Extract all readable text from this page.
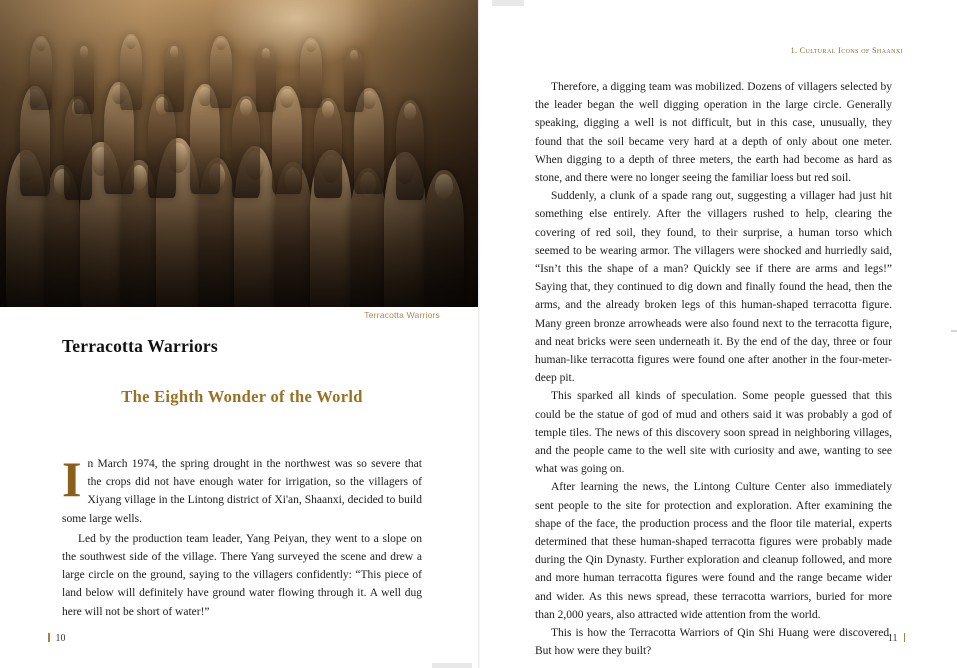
Terracotta Warriors
Terracotta Warriors
The Eighth Wonder of the World

In March 1974, the spring drought in the northwest was so severe that the crops did not have enough water for irrigation, so the villagers of Xiyang village in the Lintong district of Xi'an, Shaanxi, decided to build some large wells.

Led by the production team leader, Yang Peiyan, they went to a slope on the southwest side of the village. There Yang surveyed the scene and drew a large circle on the ground, saying to the villagers confidently: “This piece of land below will definitely have ground water flowing through it. A well dug here will not be short of water!”

10
1. Cultural Icons of Shaanxi

Therefore, a digging team was mobilized. Dozens of villagers selected by the leader began the well digging operation in the large circle. Generally speaking, digging a well is not difficult, but in this case, unusually, they found that the soil became very hard at a depth of only about one meter. When digging to a depth of three meters, the earth had become as hard as stone, and there were no longer seeing the familiar loess but red soil.

Suddenly, a clunk of a spade rang out, suggesting a villager had just hit something else entirely. After the villagers rushed to help, clearing the covering of red soil, they found, to their surprise, a human torso which seemed to be wearing armor. The villagers were shocked and hurriedly said, “Isn’t this the shape of a man? Quickly see if there are arms and legs!” Saying that, they continued to dig down and finally found the head, then the arms, and the already broken legs of this human-shaped terracotta figure. Many green bronze arrowheads were also found next to the terracotta figure, and neat bricks were seen underneath it. By the end of the day, three or four human-like terracotta figures were found one after another in the four-meter-deep pit.

This sparked all kinds of speculation. Some people guessed that this could be the statue of god of mud and others said it was probably a god of temple tiles. The news of this discovery soon spread in neighboring villages, and the people came to the well site with curiosity and awe, wanting to see what was going on.

After learning the news, the Lintong Culture Center also immediately sent people to the site for protection and exploration. After examining the shape of the face, the production process and the floor tile material, experts determined that these human-shaped terracotta figures were probably made during the Qin Dynasty. Further exploration and cleanup followed, and more and more human terracotta figures were found and the range became wider and wider. As this news spread, these terracotta warriors, buried for more than 2,000 years, also attracted wide attention from the world.

This is how the Terracotta Warriors of Qin Shi Huang were discovered. But how were they built?

11
